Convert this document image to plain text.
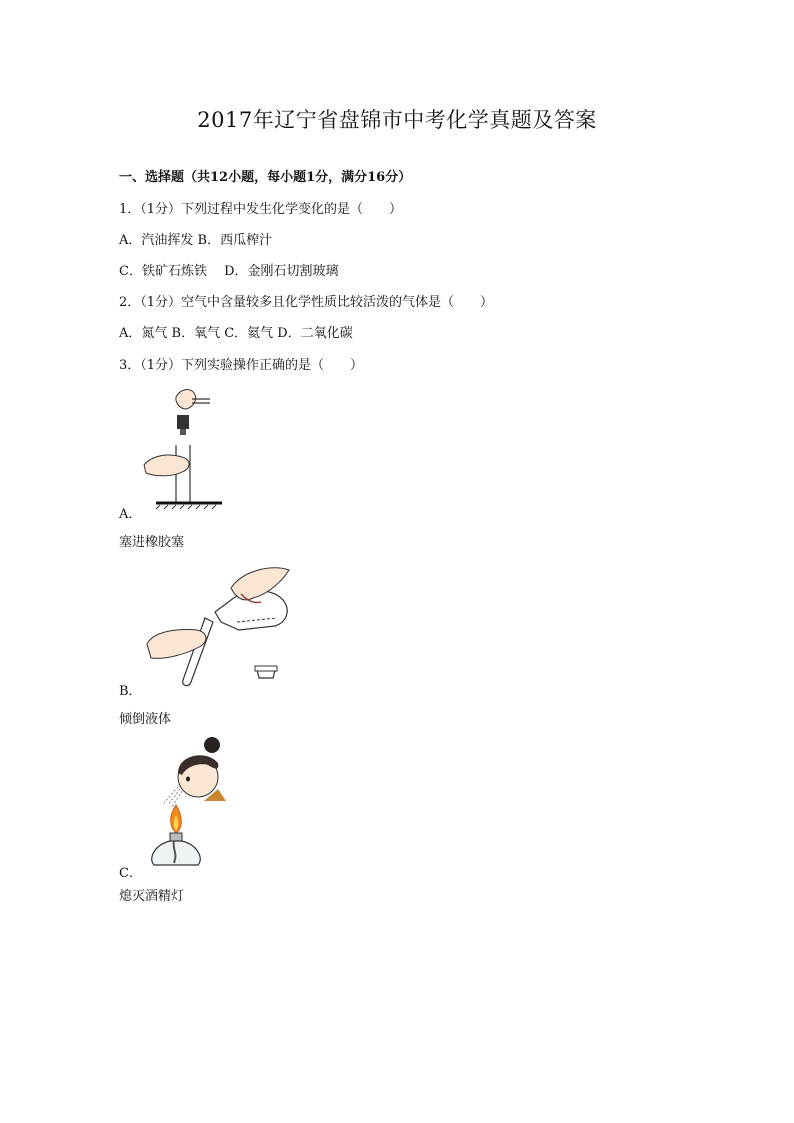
2017年辽宁省盘锦市中考化学真题及答案
一、选择题（共12小题，每小题1分，满分16分）
1．（1分）下列过程中发生化学变化的是（　　）
A．汽油挥发 B．西瓜榨汁
C．铁矿石炼铁　 D．金刚石切割玻璃
2．（1分）空气中含量较多且化学性质比较活泼的气体是（　　）
A．氮气 B．氧气 C．氦气 D．二氧化碳
3．（1分）下列实验操作正确的是（　　）
A．
塞进橡胶塞
B．
倾倒液体
C．
熄灭酒精灯
